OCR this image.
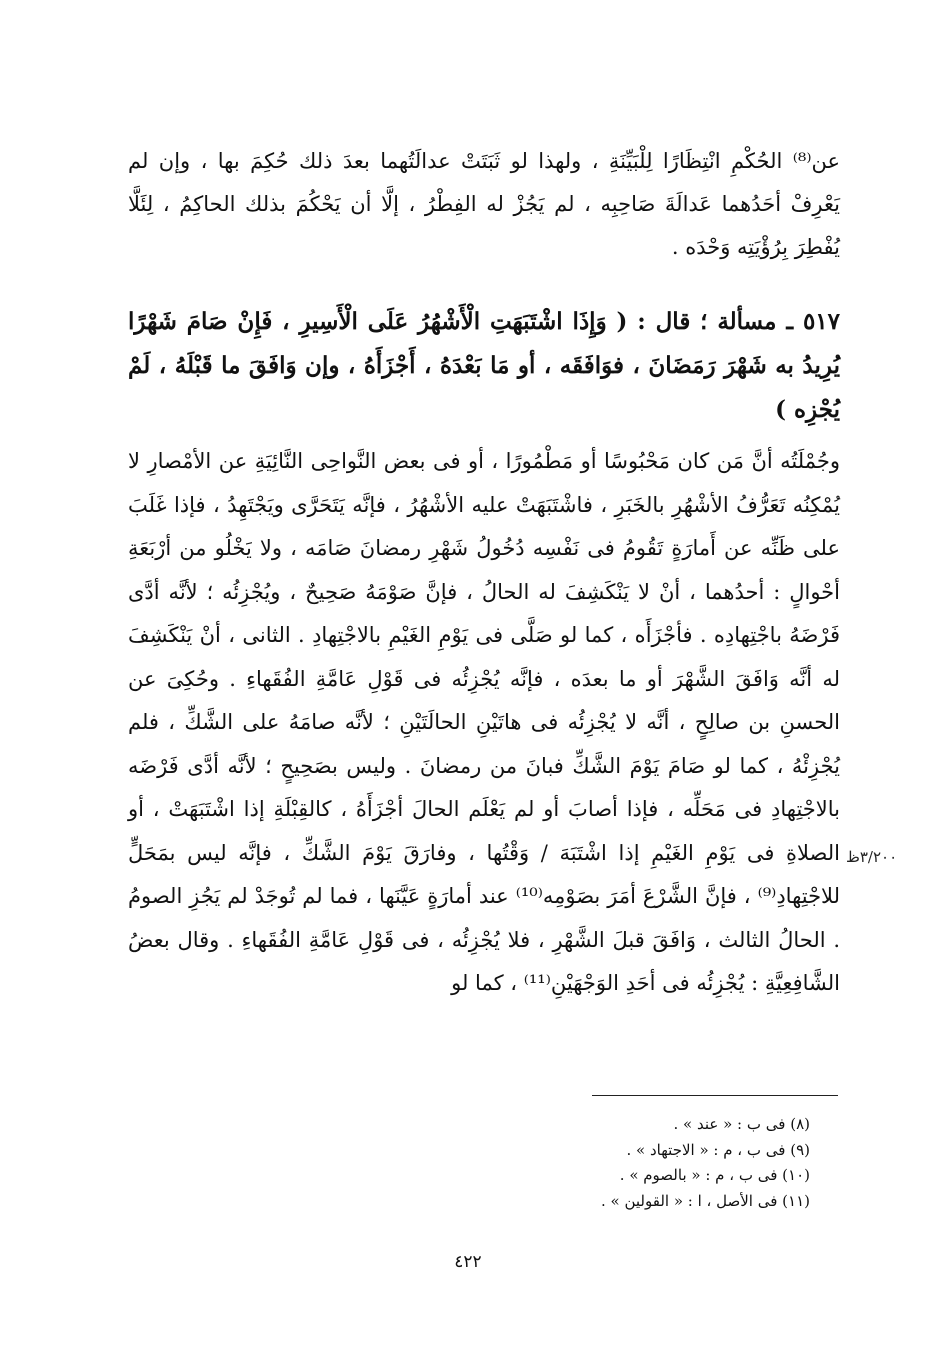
عن⁽⁸⁾ الحُكْمِ انْتِظَارًا لِلْبَيِّنَةِ ، ولهذا لو ثَبَتَتْ عدالَتُهما بعدَ ذلك حُكِمَ بها ، وإن لم يَعْرِفْ أحَدُهما عَدالَةَ صَاحِبِه ، لم يَجُزْ له الفِطْرُ ، إلَّا أن يَحْكُمَ بذلك الحاكِمُ ، لِئَلَّا يُفْطِرَ بِرُؤْيَتِه وَحْدَه .
٥١٧ ـ مسألة ؛ قال : ( وَإِذَا اشْتَبَهَتِ الْأَشْهُرُ عَلَى الْأَسِيرِ ، فَإِنْ صَامَ شَهْرًا يُرِيدُ به شَهْرَ رَمَضَانَ ، فوَافَقَه ، أو مَا بَعْدَهُ ، أَجْزَأَهُ ، وإن وَافَقَ ما قَبْلَهُ ، لَمْ يُجْزِه )
وجُمْلَتُه أنَّ مَن كان مَحْبُوسًا أو مَطْمُورًا ، أو فى بعض النَّواحِى النَّائِيَةِ عن الأمْصارِ لا يُمْكِنُه تَعَرُّفُ الأشْهُرِ بالخَبَرِ ، فاشْتَبَهَتْ عليه الأشْهُرُ ، فإنَّه يَتَحَرَّى ويَجْتَهِدُ ، فإذا غَلَبَ على ظَنِّه عن أَمارَةٍ تَقُومُ فى نَفْسِه دُخُولُ شَهْرِ رمضانَ صَامَه ، ولا يَخْلُو من أرْبَعَةِ أحْوالٍ : أحدُهما ، أنْ لا يَنْكَشِفَ له الحالُ ، فإنَّ صَوْمَهُ صَحِيحٌ ، ويُجْزِئُه ؛ لأنَّه أدَّى فَرْضَهُ باجْتِهادِه . فأجْزَأَه ، كما لو صَلَّى فى يَوْمِ الغَيْمِ بالاجْتِهادِ . الثانى ، أنْ يَنْكَشِفَ له أنَّه وَافَقَ الشَّهْرَ أو ما بعدَه ، فإنَّه يُجْزِئُه فى قَوْلِ عَامَّةِ الفُقَهاءِ . وحُكِىَ عن الحسنِ بن صالِحٍ ، أنَّه لا يُجْزِئُه فى هاتَيْنِ الحالَتَيْنِ ؛ لأنَّه صامَهُ على الشَّكِّ ، فلم يُجْزِئْهُ ، كما لو صَامَ يَوْمَ الشَّكِّ فبانَ من رمضانَ . وليس بصَحِيحٍ ؛ لأنَّه أدَّى فَرْضَه بالاجْتِهادِ فى مَحَلِّه ، فإذا أصابَ أو لم يَعْلَم الحالَ أجْزَأَهُ ، كالقِبْلَةِ إذا اشْتَبَهَتْ ، أو الصلاةِ فى يَوْمِ الغَيْمِ إذا اشْتَبَهَ / وَقْتُها ، وفارَقَ يَوْمَ الشَّكِّ ، فإنَّه ليس بمَحَلٍّ للاجْتِهادِ⁽⁹⁾ ، فإنَّ الشَّرْعَ أمَرَ بصَوْمِه⁽¹⁰⁾ عند أمارَةٍ عَيَّنَها ، فما لم تُوجَدْ لم يَجُزِ الصومُ . الحالُ الثالث ، وَافَقَ قبلَ الشَّهْرِ ، فلا يُجْزِئُه ، فى قَوْلِ عَامَّةِ الفُقَهاءِ . وقال بعضُ الشَّافِعِيَّةِ : يُجْزِئُه فى أحَدِ الوَجْهَيْنِ⁽¹¹⁾ ، كما لو
٣/٢٠٠ظ
(٨) فى ب : « عند » .
(٩) فى ب ، م : « الاجتهاد » .
(١٠) فى ب ، م : « بالصوم » .
(١١) فى الأصل ، ا : « القولين » .
٤٢٢
